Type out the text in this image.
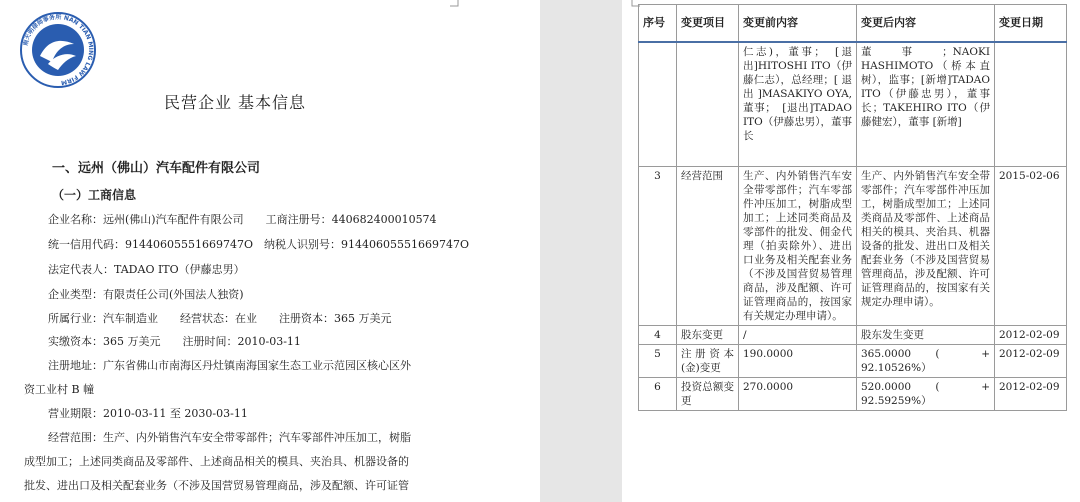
南天明律师事务所 NAN TIAN MING LAW FIRM
民营企业 基本信息
一、远州（佛山）汽车配件有限公司
（一）工商信息
企业名称：远州(佛山)汽车配件有限公司　　工商注册号：440682400010574
统一信用代码：91440605551669747O　纳税人识别号：91440605551669747O
法定代表人：TADAO ITO（伊藤忠男）
企业类型：有限责任公司(外国法人独资)
所属行业：汽车制造业　　经营状态：在业　　注册资本：365 万美元
实缴资本：365 万美元　　注册时间：2010-03-11
注册地址：广东省佛山市南海区丹灶镇南海国家生态工业示范园区核心区外
资工业村 B 幢
营业期限：2010-03-11 至 2030-03-11
经营范围：生产、内外销售汽车安全带零部件；汽车零部件冲压加工，树脂
成型加工；上述同类商品及零部件、上述商品相关的模具、夹治具、机器设备的
批发、进出口及相关配套业务（不涉及国营贸易管理商品，涉及配额、许可证管
序号	变更项目	变更前内容	变更后内容	变更日期
		仁志)，董事；　[退出]HITOSHI ITO（伊藤仁志），总经理；[ 退 出 ]MASAKIYO OYA,董事；　[退出]TADAO ITO（伊藤忠男），董事长	董事；NAOKI HASHIMOTO（桥本直树），监事；[新增]TADAO ITO（伊藤忠男），董事长；TAKEHIRO ITO（伊藤健宏），董事 [新增]	
3	经营范围	生产、内外销售汽车安全带零部件；汽车零部件冲压加工，树脂成型加工；上述同类商品及零部件的批发、佣金代理（拍卖除外）、进出口业务及相关配套业务（不涉及国营贸易管理商品，涉及配额、许可证管理商品的，按国家有关规定办理申请）。	生产、内外销售汽车安全带零部件；汽车零部件冲压加工，树脂成型加工；上述同类商品及零部件、上述商品相关的模具、夹治具、机器设备的批发、进出口及相关配套业务（不涉及国营贸易管理商品，涉及配额、许可证管理商品的，按国家有关规定办理申请）。	2015-02-06
4	股东变更	/	股东发生变更	2012-02-09
5	注册资本(金)变更	190.0000	365.0000　(　　+ 92.10526%）	2012-02-09
6	投资总额变更	270.0000	520.0000　(　　+ 92.59259%）	2012-02-09
